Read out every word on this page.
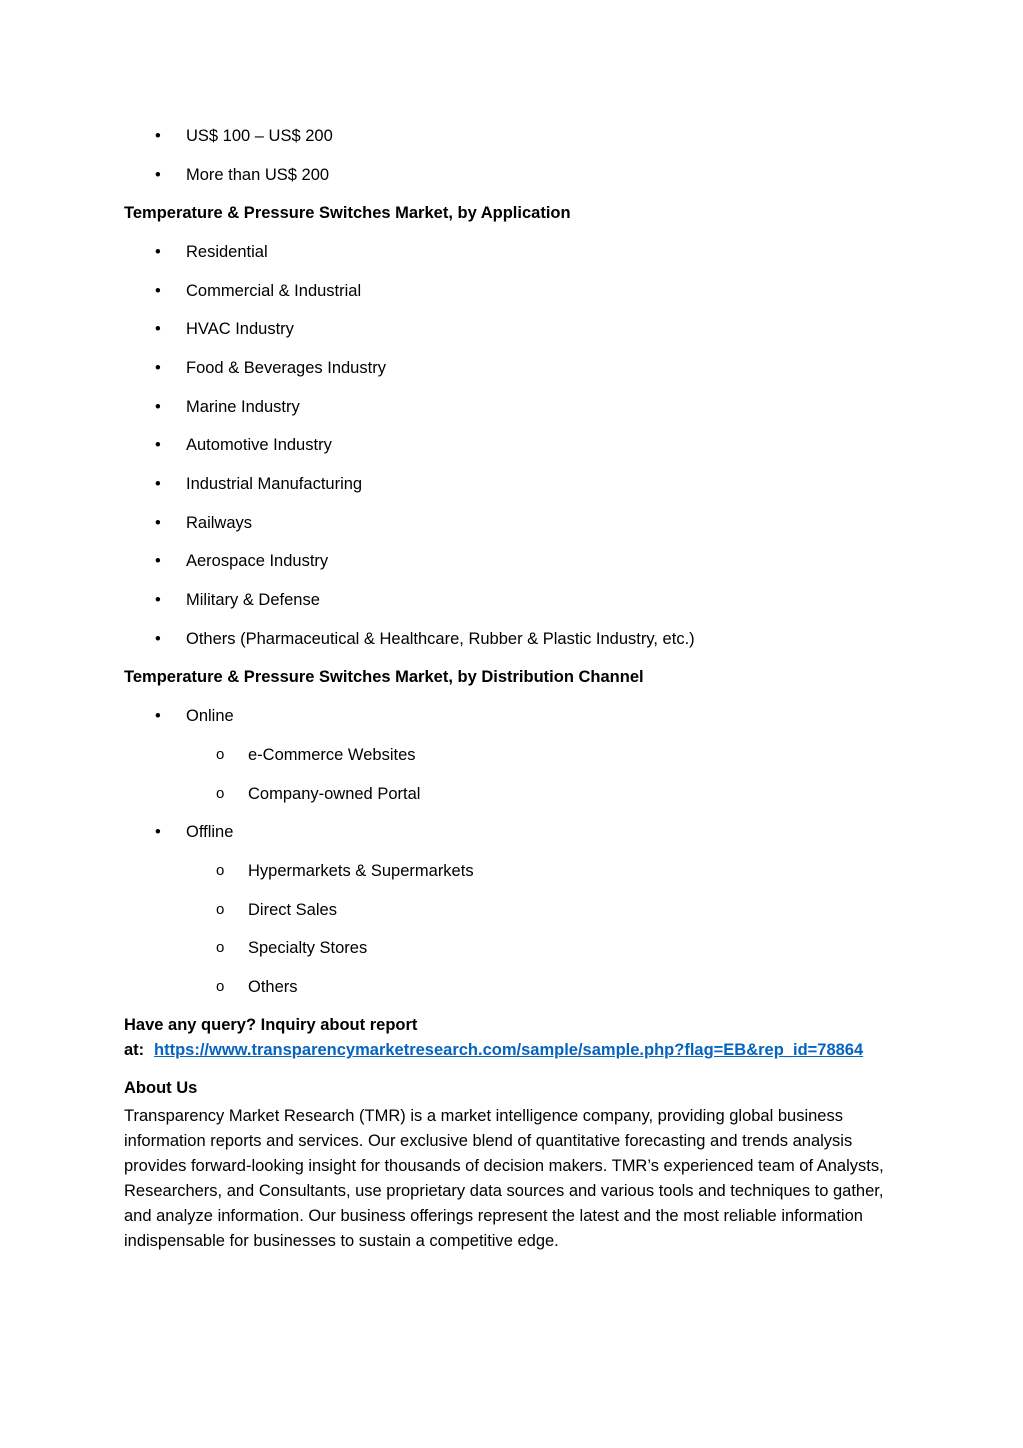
• US$ 100 – US$ 200
• More than US$ 200
Temperature & Pressure Switches Market, by Application
• Residential
• Commercial & Industrial
• HVAC Industry
• Food & Beverages Industry
• Marine Industry
• Automotive Industry
• Industrial Manufacturing
• Railways
• Aerospace Industry
• Military & Defense
• Others (Pharmaceutical & Healthcare, Rubber & Plastic Industry, etc.)
Temperature & Pressure Switches Market, by Distribution Channel
• Online
o e-Commerce Websites
o Company-owned Portal
• Offline
o Hypermarkets & Supermarkets
o Direct Sales
o Specialty Stores
o Others
Have any query? Inquiry about report
at: https://www.transparencymarketresearch.com/sample/sample.php?flag=EB&rep_id=78864
About Us

Transparency Market Research (TMR) is a market intelligence company, providing global business information reports and services. Our exclusive blend of quantitative forecasting and trends analysis provides forward-looking insight for thousands of decision makers. TMR’s experienced team of Analysts, Researchers, and Consultants, use proprietary data sources and various tools and techniques to gather, and analyze information. Our business offerings represent the latest and the most reliable information indispensable for businesses to sustain a competitive edge.
